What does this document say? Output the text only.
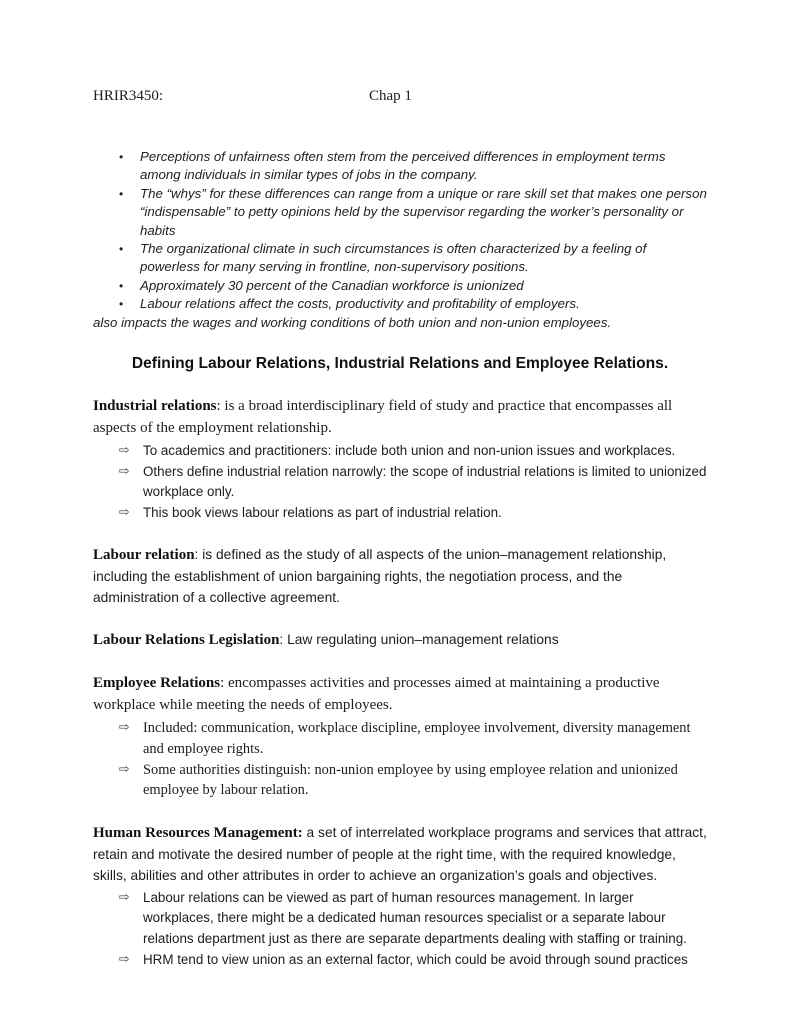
HRIR3450:	Chap 1
• Perceptions of unfairness often stem from the perceived differences in employment terms among individuals in similar types of jobs in the company.
• The “whys” for these differences can range from a unique or rare skill set that makes one person “indispensable” to petty opinions held by the supervisor regarding the worker’s personality or habits
• The organizational climate in such circumstances is often characterized by a feeling of powerless for many serving in frontline, non-supervisory positions.
• Approximately 30 percent of the Canadian workforce is unionized
• Labour relations affect the costs, productivity and profitability of employers.

also impacts the wages and working conditions of both union and non-union employees.

Defining Labour Relations, Industrial Relations and Employee Relations.

Industrial relations: is a broad interdisciplinary field of study and practice that encompasses all aspects of the employment relationship.

⇨ To academics and practitioners: include both union and non-union issues and workplaces.
⇨ Others define industrial relation narrowly: the scope of industrial relations is limited to unionized workplace only.
⇨ This book views labour relations as part of industrial relation.

Labour relation: is defined as the study of all aspects of the union–management relationship, including the establishment of union bargaining rights, the negotiation process, and the administration of a collective agreement.

Labour Relations Legislation: Law regulating union–management relations

Employee Relations: encompasses activities and processes aimed at maintaining a productive workplace while meeting the needs of employees.

⇨ Included: communication, workplace discipline, employee involvement, diversity management and employee rights.
⇨ Some authorities distinguish: non-union employee by using employee relation and unionized employee by labour relation.

Human Resources Management: a set of interrelated workplace programs and services that attract, retain and motivate the desired number of people at the right time, with the required knowledge, skills, abilities and other attributes in order to achieve an organization’s goals and objectives.

⇨ Labour relations can be viewed as part of human resources management. In larger workplaces, there might be a dedicated human resources specialist or a separate labour relations department just as there are separate departments dealing with staffing or training.
⇨ HRM tend to view union as an external factor, which could be avoid through sound practices
